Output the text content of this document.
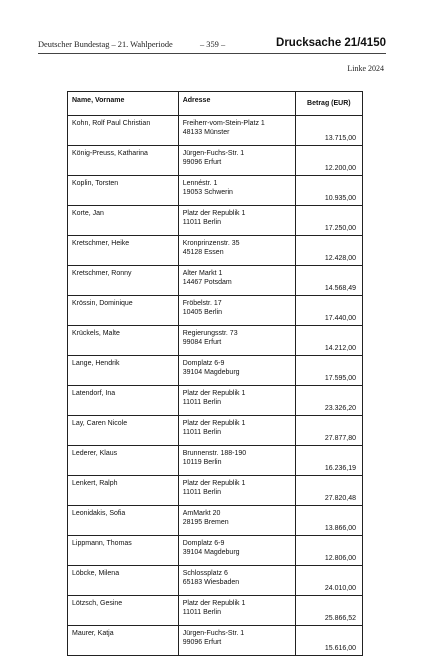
Deutscher Bundestag – 21. Wahlperiode	– 359 –	Drucksache 21/4150
Linke 2024
Name, Vorname	Adresse	Betrag (EUR)
Kohn, Rolf Paul Christian	Freiherr-vom-Stein-Platz 1
48133 Münster	13.715,00
König-Preuss, Katharina	Jürgen-Fuchs-Str. 1
99096 Erfurt	12.200,00
Koplin, Torsten	Lennéstr. 1
19053 Schwerin	10.935,00
Korte, Jan	Platz der Republik 1
11011 Berlin	17.250,00
Kretschmer, Heike	Kronprinzenstr. 35
45128 Essen	12.428,00
Kretschmer, Ronny	Alter Markt 1
14467 Potsdam	14.568,49
Krössin, Dominique	Fröbelstr. 17
10405 Berlin	17.440,00
Krückels, Malte	Regierungsstr. 73
99084 Erfurt	14.212,00
Lange, Hendrik	Domplatz 6-9
39104 Magdeburg	17.595,00
Latendorf, Ina	Platz der Republik 1
11011 Berlin	23.326,20
Lay, Caren Nicole	Platz der Republik 1
11011 Berlin	27.877,80
Lederer, Klaus	Brunnenstr. 188-190
10119 Berlin	16.236,19
Lenkert, Ralph	Platz der Republik 1
11011 Berlin	27.820,48
Leonidakis, Sofia	AmMarkt 20
28195 Bremen	13.866,00
Lippmann, Thomas	Domplatz 6-9
39104 Magdeburg	12.806,00
Löbcke, Milena	Schlossplatz 6
65183 Wiesbaden	24.010,00
Lötzsch, Gesine	Platz der Republik 1
11011 Berlin	25.866,52
Maurer, Katja	Jürgen-Fuchs-Str. 1
99096 Erfurt	15.616,00
